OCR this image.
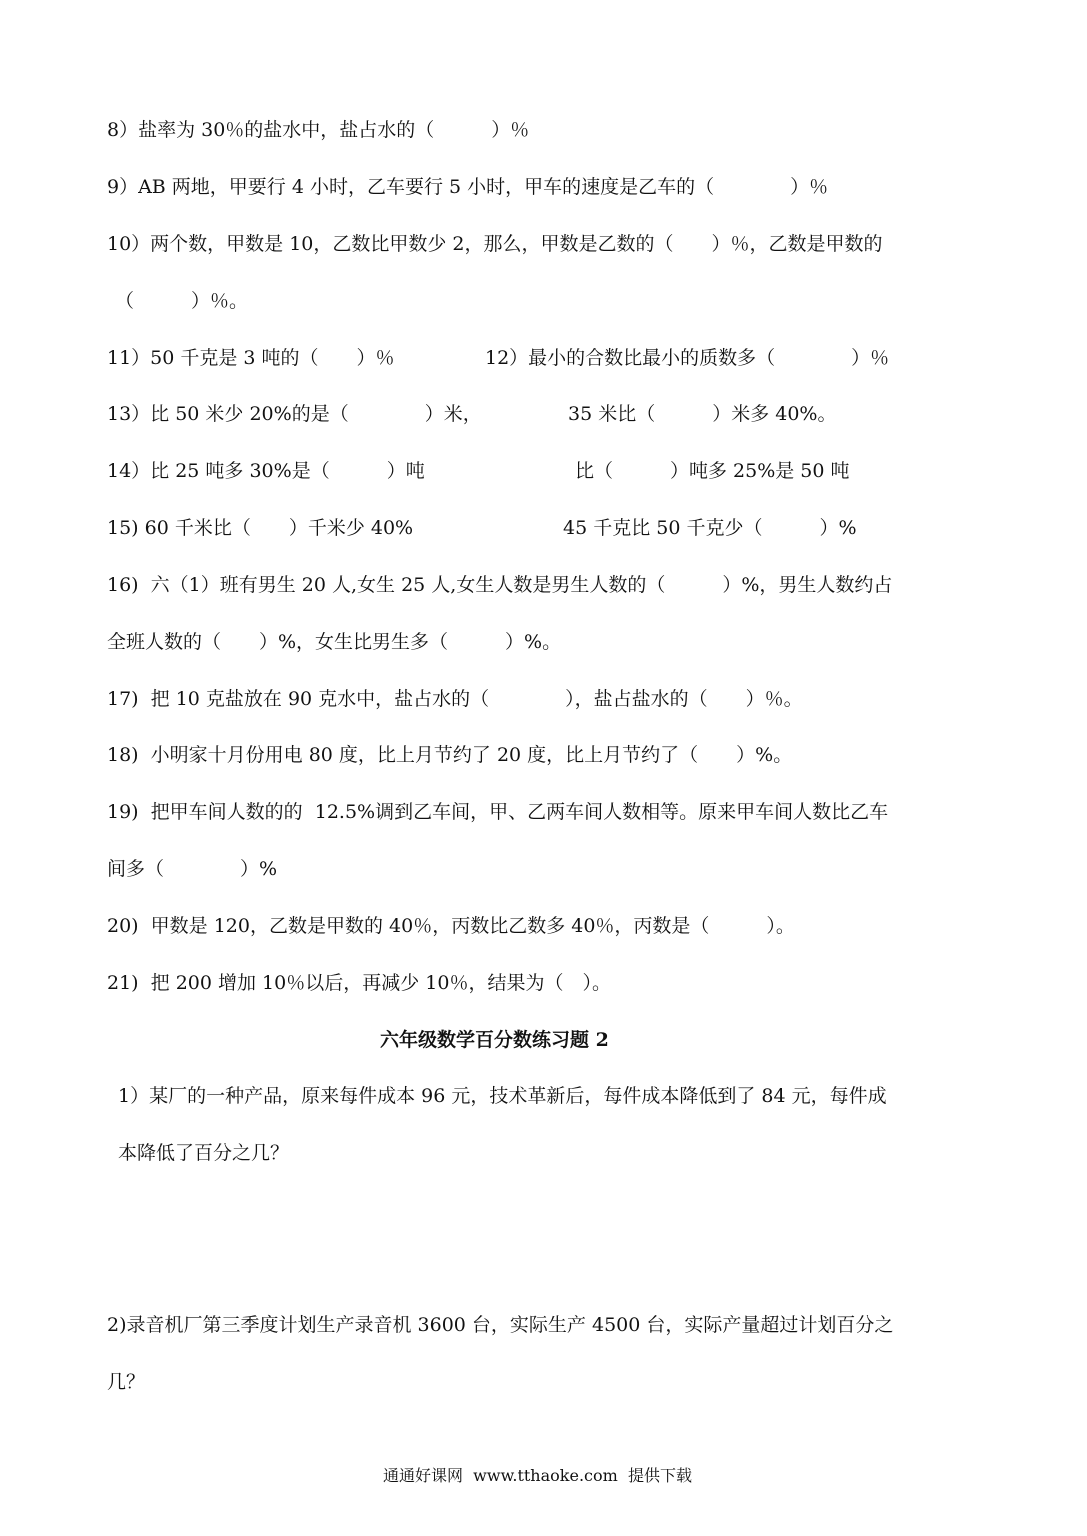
8）盐率为 30％的盐水中，盐占水的（　　　）％
9）AB 两地，甲要行 4 小时，乙车要行 5 小时，甲车的速度是乙车的（　　　　）％
10）两个数，甲数是 10，乙数比甲数少 2，那么，甲数是乙数的（　　）％，乙数是甲数的
（　　　）％。
11）50 千克是 3 吨的（　　）％	12）最小的合数比最小的质数多（　　　　）％
13）比 50 米少 20%的是（　　　　）米，	35 米比（　　　）米多 40%。
14）比 25 吨多 30%是（　　　）吨	比（　　　）吨多 25%是 50 吨
15) 60 千米比（　　）千米少 40%	45 千克比 50 千克少（　　　）%
16)  六（1）班有男生 20 人,女生 25 人,女生人数是男生人数的（　　　）%，男生人数约占
全班人数的（　　）%，女生比男生多（　　　）%。
17)  把 10 克盐放在 90 克水中，盐占水的（　　　　），盐占盐水的（　　）％。
18)  小明家十月份用电 80 度，比上月节约了 20 度，比上月节约了（　　）%。
19)  把甲车间人数的的  12.5%调到乙车间，甲、乙两车间人数相等。原来甲车间人数比乙车
间多（　　　　）%
20)  甲数是 120，乙数是甲数的 40％，丙数比乙数多 40％，丙数是（　　　）。
21)  把 200 增加 10％以后，再减少 10％，结果为（　）。
六年级数学百分数练习题 2
1）某厂的一种产品，原来每件成本 96 元，技术革新后，每件成本降低到了 84 元，每件成
本降低了百分之几？
2)录音机厂第三季度计划生产录音机 3600 台，实际生产 4500 台，实际产量超过计划百分之
几？
通通好课网  www.tthaoke.com  提供下载
